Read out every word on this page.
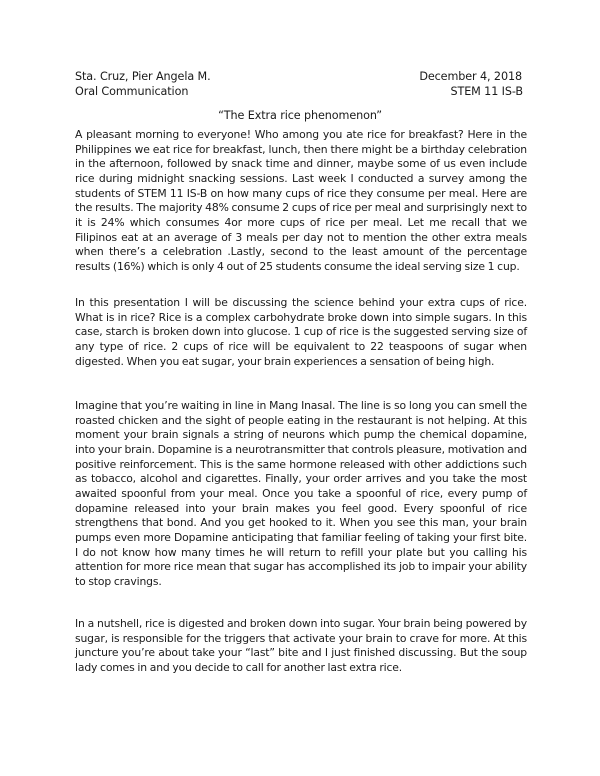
Sta. Cruz, Pier Angela M.	December 4, 2018
Oral Communication	STEM 11 IS-B
“The Extra rice phenomenon”

A pleasant morning to everyone! Who among you ate rice for breakfast? Here in the Philippines we eat rice for breakfast, lunch, then there might be a birthday celebration in the afternoon, followed by snack time and dinner, maybe some of us even include rice during midnight snacking sessions. Last week I conducted a survey among the students of STEM 11 IS-B on how many cups of rice they consume per meal. Here are the results. The majority 48% consume 2 cups of rice per meal and surprisingly next to it is 24% which consumes 4or more cups of rice per meal. Let me recall that we Filipinos eat at an average of 3 meals per day not to mention the other extra meals when there’s a celebration .Lastly, second to the least amount of the percentage results (16%) which is only 4 out of 25 students consume the ideal serving size 1 cup.

In this presentation I will be discussing the science behind your extra cups of rice. What is in rice? Rice is a complex carbohydrate broke down into simple sugars. In this case, starch is broken down into glucose. 1 cup of rice is the suggested serving size of any type of rice. 2 cups of rice will be equivalent to 22 teaspoons of sugar when digested. When you eat sugar, your brain experiences a sensation of being high.

Imagine that you’re waiting in line in Mang Inasal. The line is so long you can smell the roasted chicken and the sight of people eating in the restaurant is not helping. At this moment your brain signals a string of neurons which pump the chemical dopamine, into your brain. Dopamine is a neurotransmitter that controls pleasure, motivation and positive reinforcement. This is the same hormone released with other addictions such as tobacco, alcohol and cigarettes. Finally, your order arrives and you take the most awaited spoonful from your meal. Once you take a spoonful of rice, every pump of dopamine released into your brain makes you feel good. Every spoonful of rice strengthens that bond. And you get hooked to it. When you see this man, your brain pumps even more Dopamine anticipating that familiar feeling of taking your first bite. I do not know how many times he will return to refill your plate but you calling his attention for more rice mean that sugar has accomplished its job to impair your ability to stop cravings.

In a nutshell, rice is digested and broken down into sugar. Your brain being powered by sugar, is responsible for the triggers that activate your brain to crave for more. At this juncture you’re about take your “last” bite and I just finished discussing. But the soup lady comes in and you decide to call for another last extra rice.
